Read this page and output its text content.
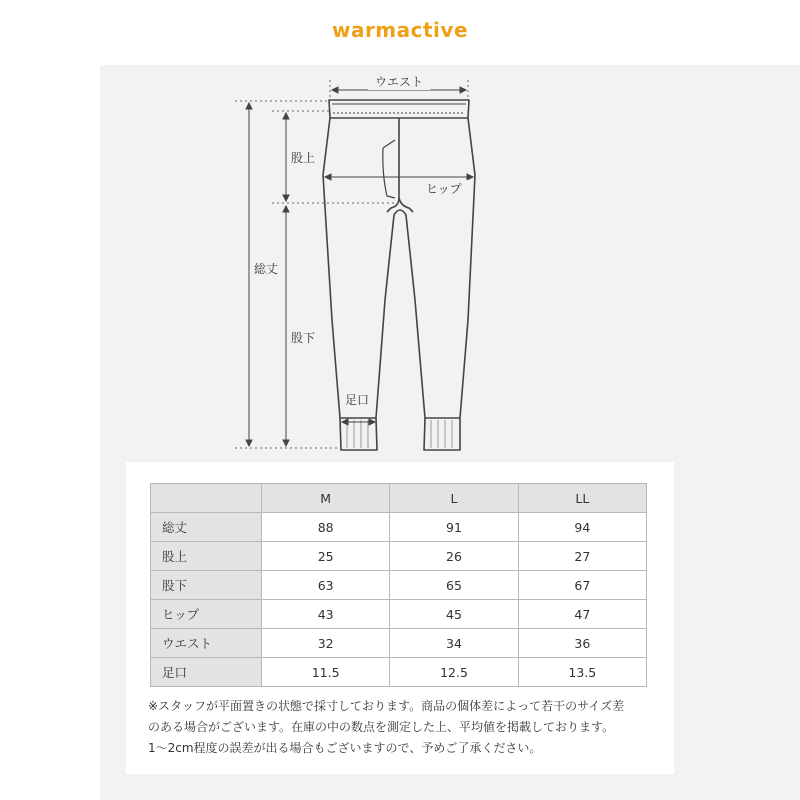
warmactive
ウエスト
股上
ヒップ
総丈
股下
足口
	M	L	LL
総丈	88	91	94
股上	25	26	27
股下	63	65	67
ヒップ	43	45	47
ウエスト	32	34	36
足口	11.5	12.5	13.5

※スタッフが平面置きの状態で採寸しております。商品の個体差によって若干のサイズ差

のある場合がございます。在庫の中の数点を測定した上、平均値を掲載しております。

1〜2cm程度の誤差が出る場合もございますので、予めご了承ください。
